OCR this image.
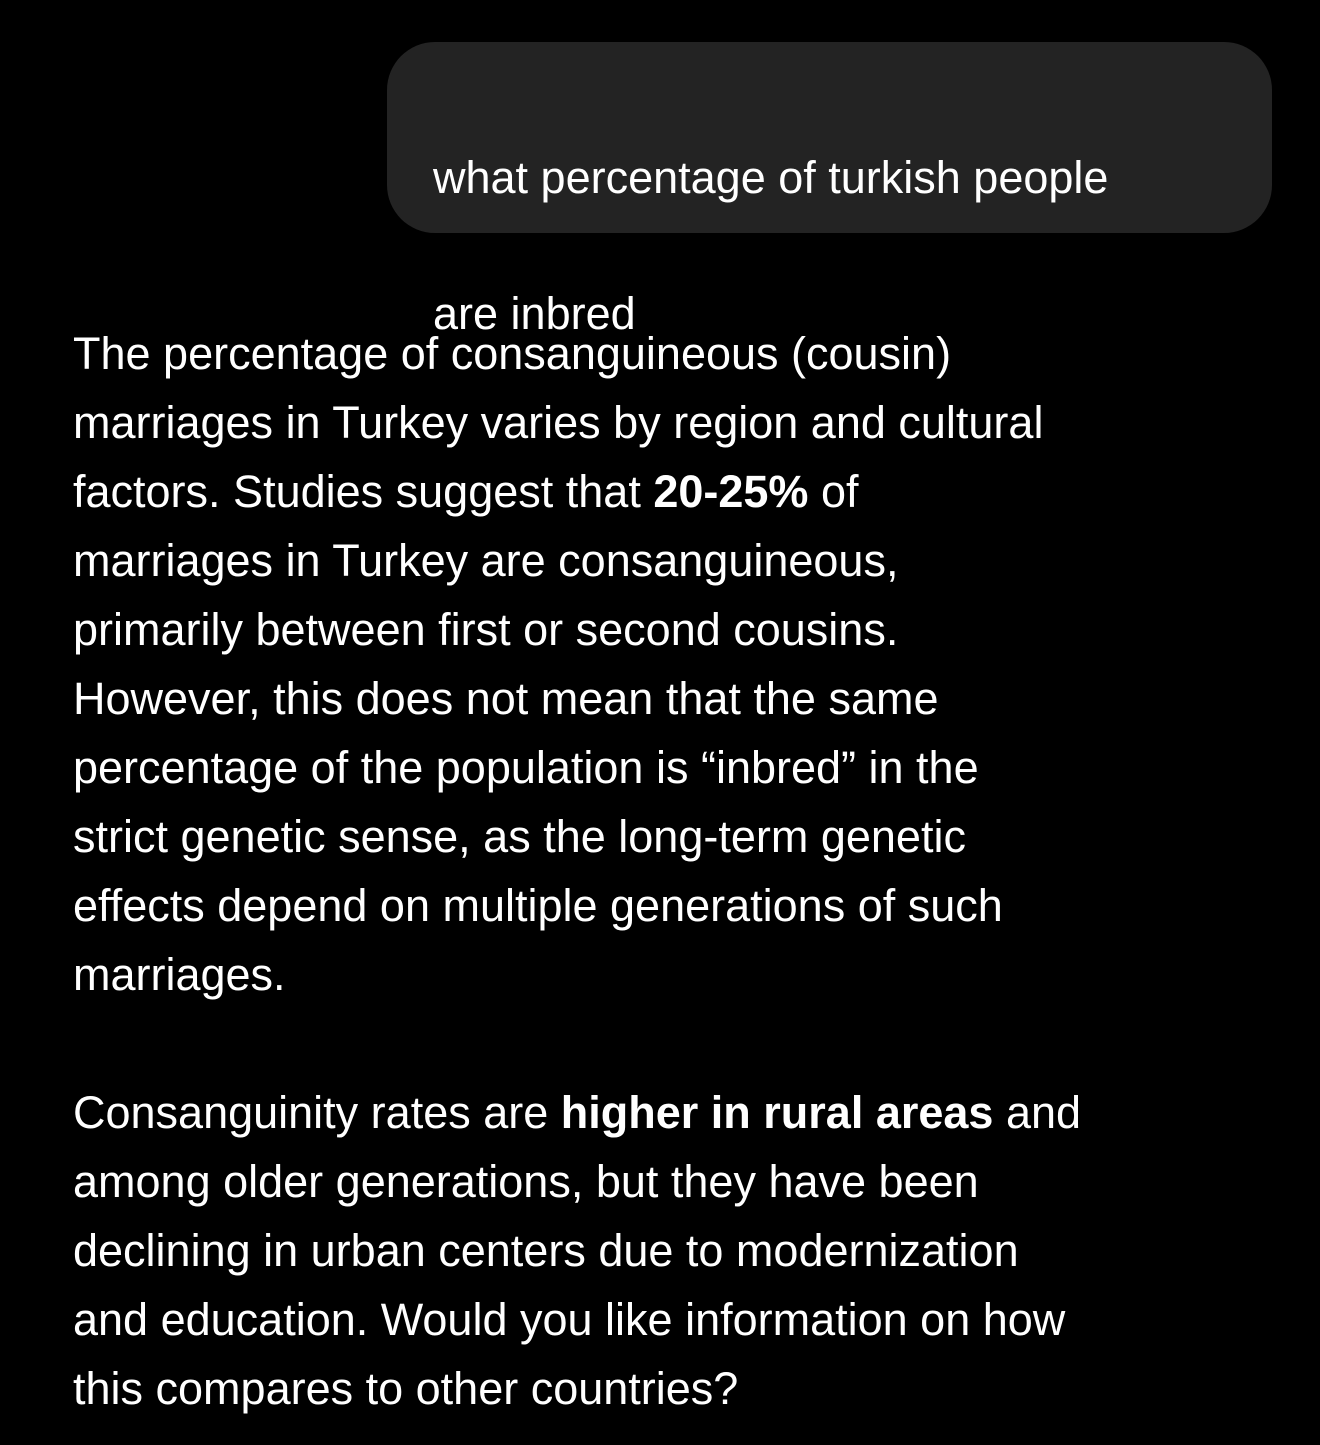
what percentage of turkish people

are inbred

The percentage of consanguineous (cousin)
marriages in Turkey varies by region and cultural
factors. Studies suggest that 20-25% of
marriages in Turkey are consanguineous,
primarily between first or second cousins.
However, this does not mean that the same
percentage of the population is “inbred” in the
strict genetic sense, as the long-term genetic
effects depend on multiple generations of such
marriages.

Consanguinity rates are higher in rural areas and
among older generations, but they have been
declining in urban centers due to modernization
and education. Would you like information on how
this compares to other countries?
